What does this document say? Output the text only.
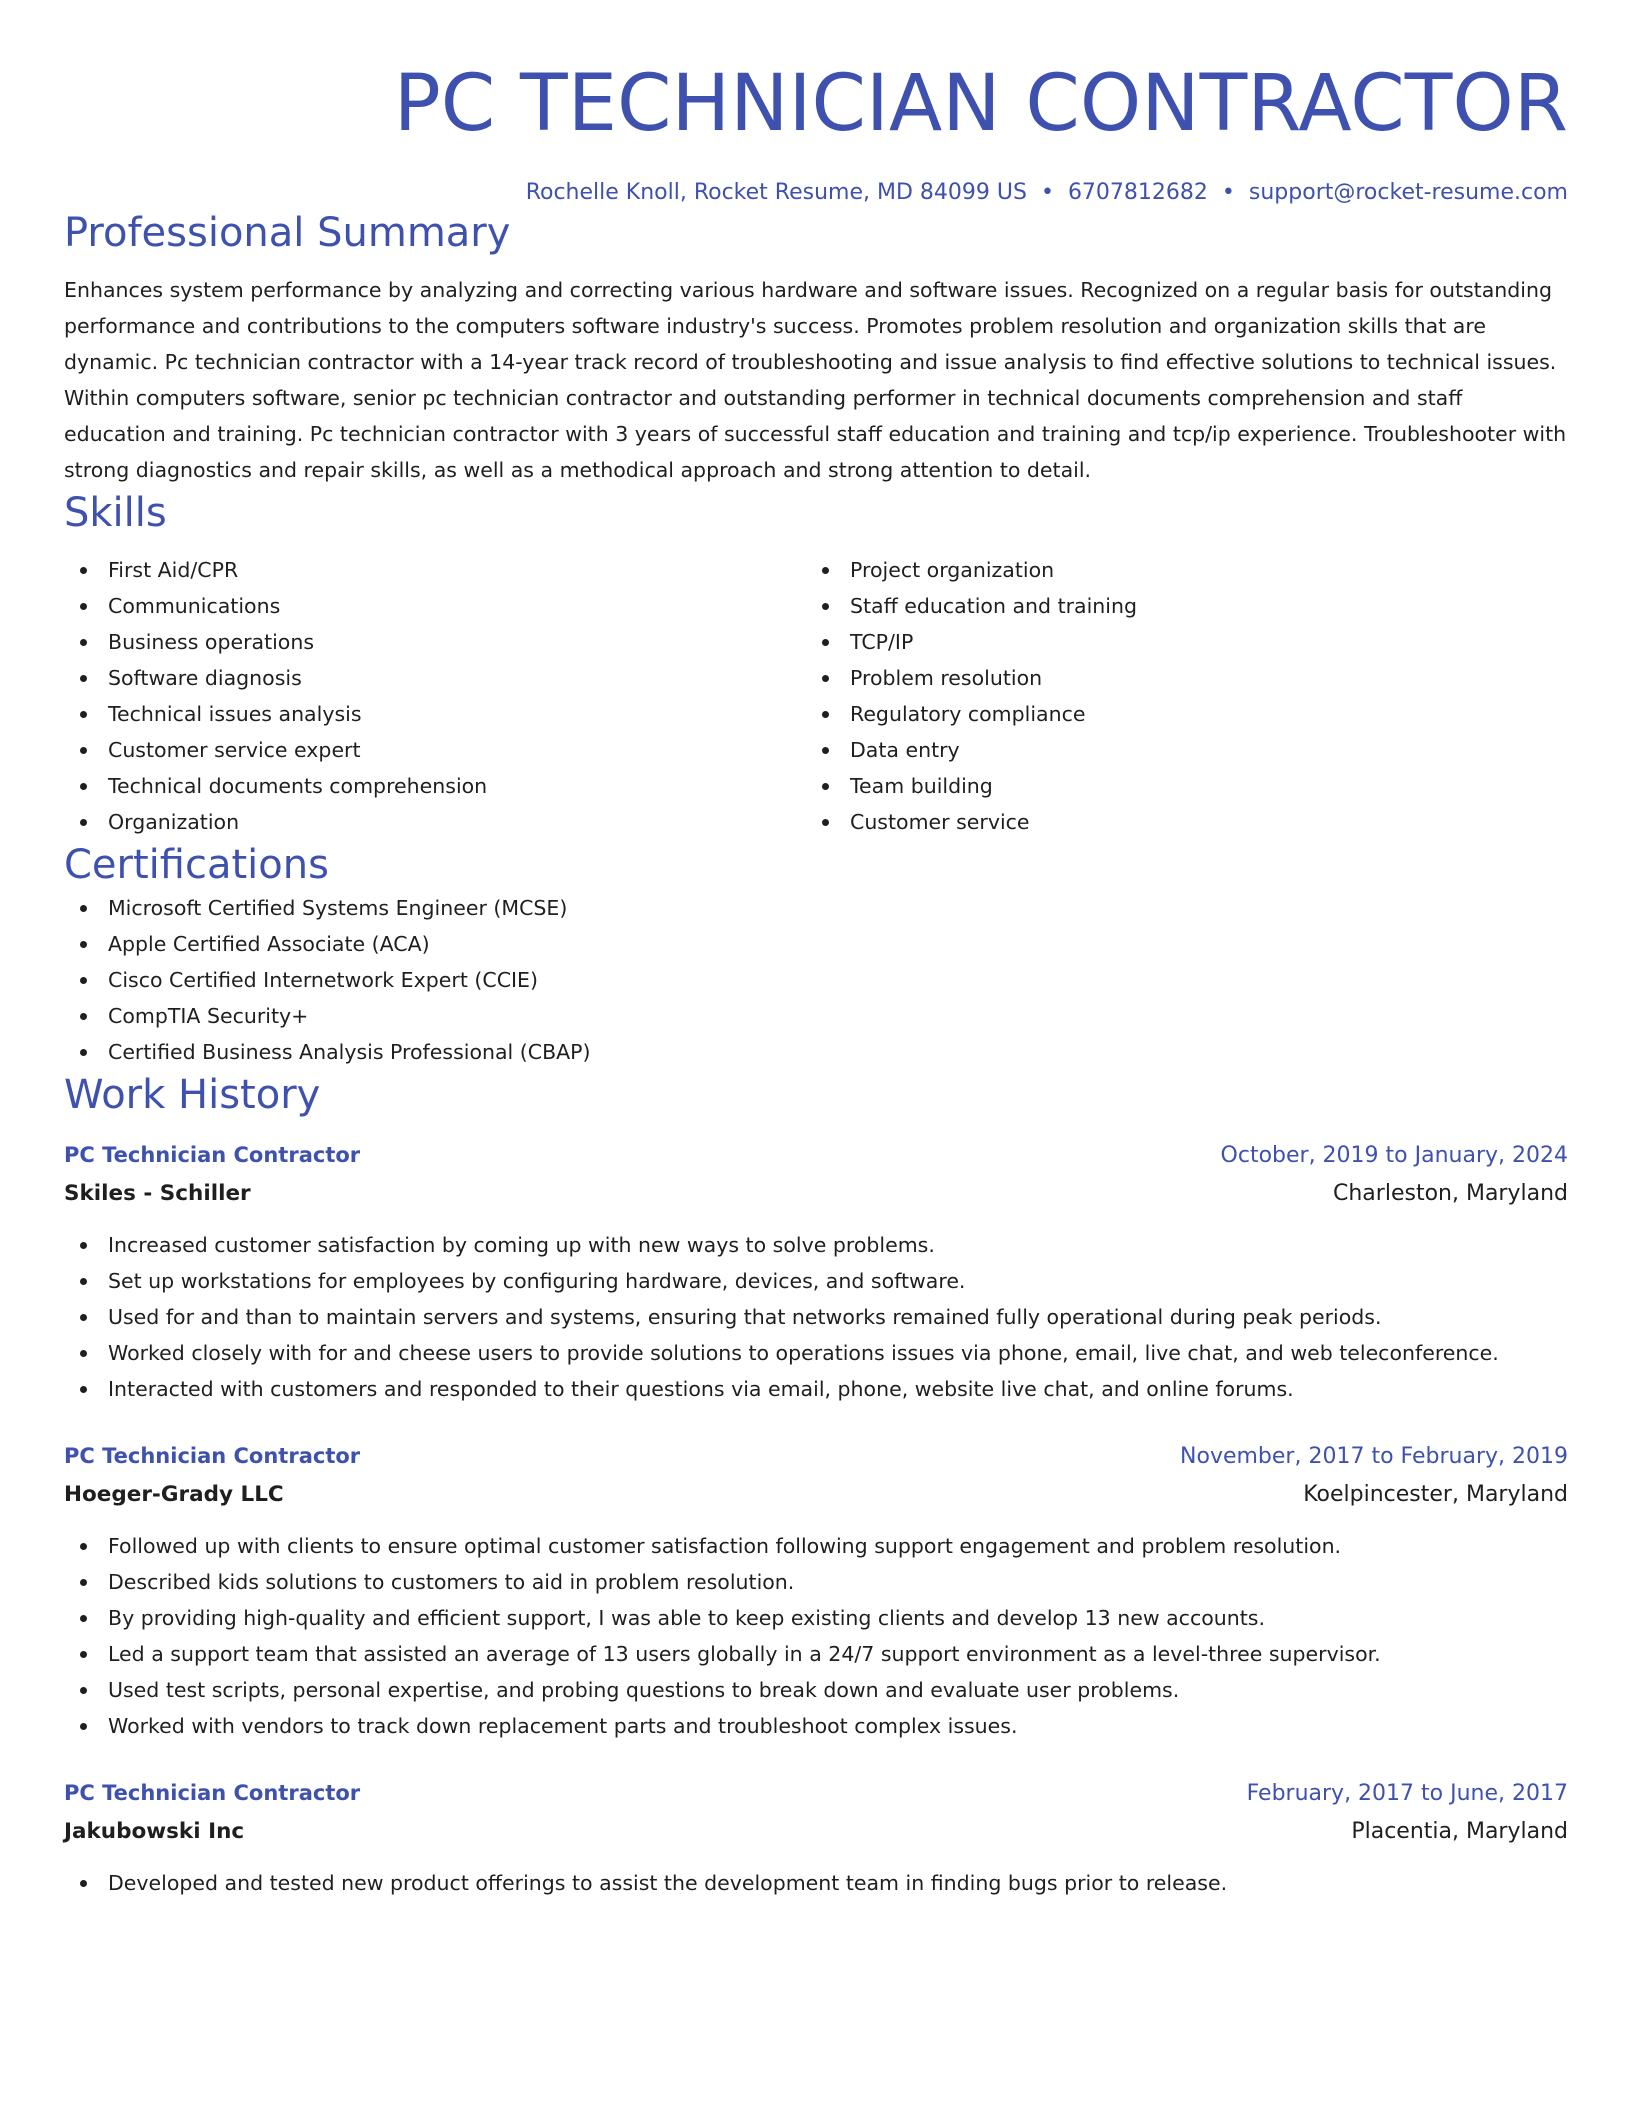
PC TECHNICIAN CONTRACTOR
Rochelle Knoll, Rocket Resume, MD 84099 US • 6707812682 • support@rocket-resume.com
Professional Summary

Enhances system performance by analyzing and correcting various hardware and software issues. Recognized on a regular basis for outstanding performance and contributions to the computers software industry's success. Promotes problem resolution and organization skills that are dynamic. Pc technician contractor with a 14-year track record of troubleshooting and issue analysis to find effective solutions to technical issues. Within computers software, senior pc technician contractor and outstanding performer in technical documents comprehension and staff education and training. Pc technician contractor with 3 years of successful staff education and training and tcp/ip experience. Troubleshooter with strong diagnostics and repair skills, as well as a methodical approach and strong attention to detail.

Skills
First Aid/CPR
Communications
Business operations
Software diagnosis
Technical issues analysis
Customer service expert
Technical documents comprehension
Organization
Project organization
Staff education and training
TCP/IP
Problem resolution
Regulatory compliance
Data entry
Team building
Customer service
Certifications
Microsoft Certified Systems Engineer (MCSE)
Apple Certified Associate (ACA)
Cisco Certified Internetwork Expert (CCIE)
CompTIA Security+
Certified Business Analysis Professional (CBAP)
Work History
PC Technician Contractor	October, 2019 to January, 2024
Skiles - Schiller	Charleston, Maryland
Increased customer satisfaction by coming up with new ways to solve problems.
Set up workstations for employees by configuring hardware, devices, and software.
Used for and than to maintain servers and systems, ensuring that networks remained fully operational during peak periods.
Worked closely with for and cheese users to provide solutions to operations issues via phone, email, live chat, and web teleconference.
Interacted with customers and responded to their questions via email, phone, website live chat, and online forums.
PC Technician Contractor	November, 2017 to February, 2019
Hoeger-Grady LLC	Koelpincester, Maryland
Followed up with clients to ensure optimal customer satisfaction following support engagement and problem resolution.
Described kids solutions to customers to aid in problem resolution.
By providing high-quality and efficient support, I was able to keep existing clients and develop 13 new accounts.
Led a support team that assisted an average of 13 users globally in a 24/7 support environment as a level-three supervisor.
Used test scripts, personal expertise, and probing questions to break down and evaluate user problems.
Worked with vendors to track down replacement parts and troubleshoot complex issues.
PC Technician Contractor	February, 2017 to June, 2017
Jakubowski Inc	Placentia, Maryland
Developed and tested new product offerings to assist the development team in finding bugs prior to release.
